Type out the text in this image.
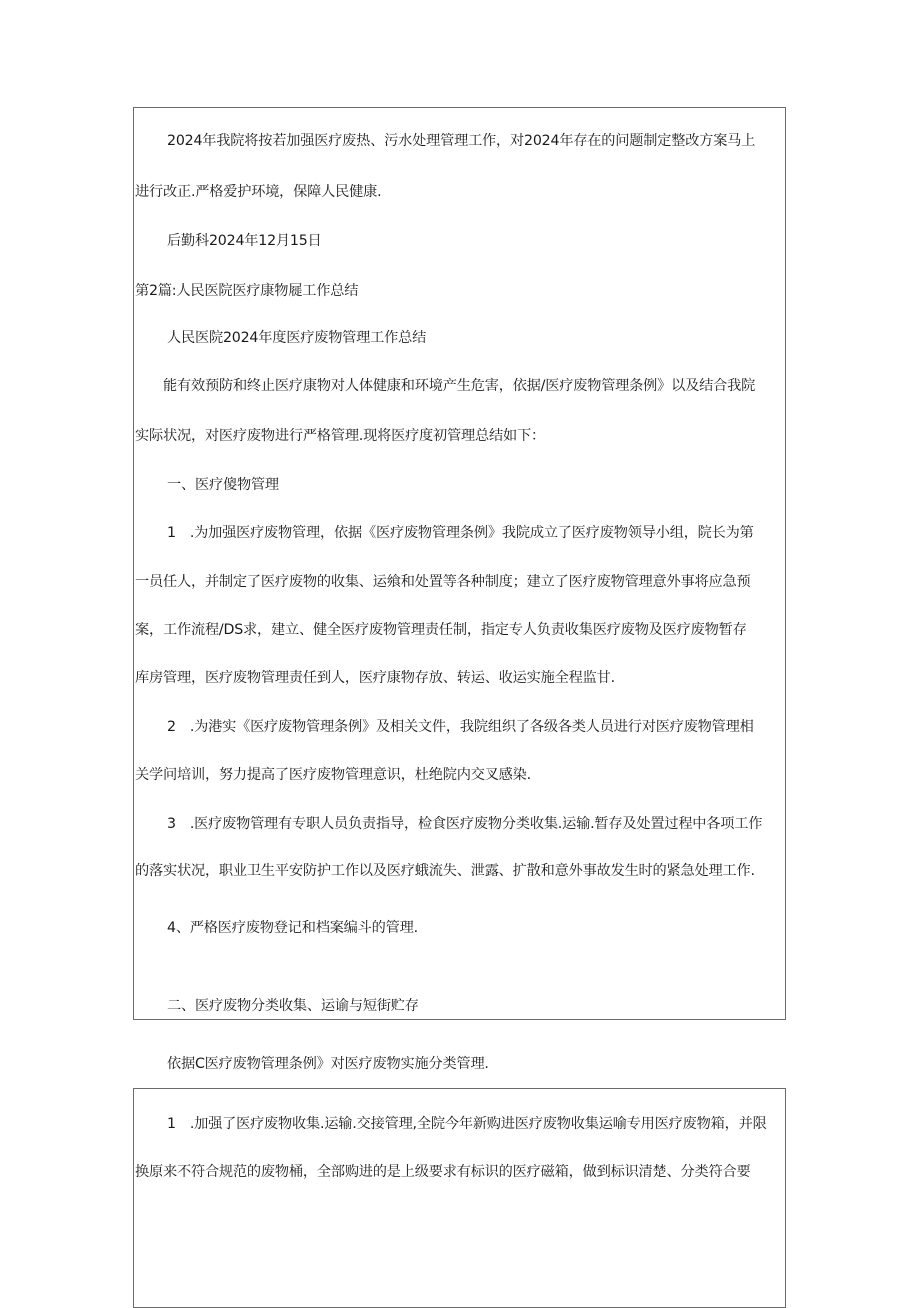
2024年我院将按若加强医疗废热、污水处理管理工作，对2024年存在的问题制定整改方案马上
进行改正.严格爱护环境，保障人民健康.
后勤科2024年12月15日
第2篇:人民医院医疗康物屣工作总结
人民医院2024年度医疗废物管理工作总结
能有效预防和终止医疗康物对人体健康和环境产生危害，依据/医疗废物管理条例》以及结合我院
实际状况，对医疗废物进行严格管理.现将医疗度初管理总结如下：
一、医疗傻物管理
1　.为加强医疗废物管理，依据《医疗废物管理条例》我院成立了医疗废物领导小组，院长为第
一员任人，并制定了医疗废物的收集、运飨和处置等各种制度；建立了医疗废物管理意外事将应急预
案，工作流程/DS求，建立、健全医疗废物管理责任制，指定专人负责收集医疗废物及医疗废物暂存
库房管理，医疗废物管理责任到人，医疗康物存放、转运、收运实施全程监甘.
2　.为港实《医疗废物管理条例》及相关文件，我院组织了各级各类人员进行对医疗废物管理相
关学问培训，努力提高了医疗废物管理意识，杜绝院内交叉感染.
3　.医疗废物管理有专职人员负责指导，检食医疗废物分类收集.运输.暂存及处置过程中各项工作
的落实状况，职业卫生平安防护工作以及医疗蛾流失、泄露、扩散和意外事故发生时的紧急处理工作.
4、严格医疗废物登记和档案编斗的管理.
二、医疗废物分类收集、运谕与短街贮存
依据C医疗废物管理条例》对医疗废物实施分类管理.
1　.加强了医疗废物收集.运输.交接管理,全院今年新购进医疗废物收集运喻专用医疗废物箱，并限
换原来不符合规范的废物桶，全部购进的是上级要求有标识的医疗磁箱，做到标识清楚、分类符合要
